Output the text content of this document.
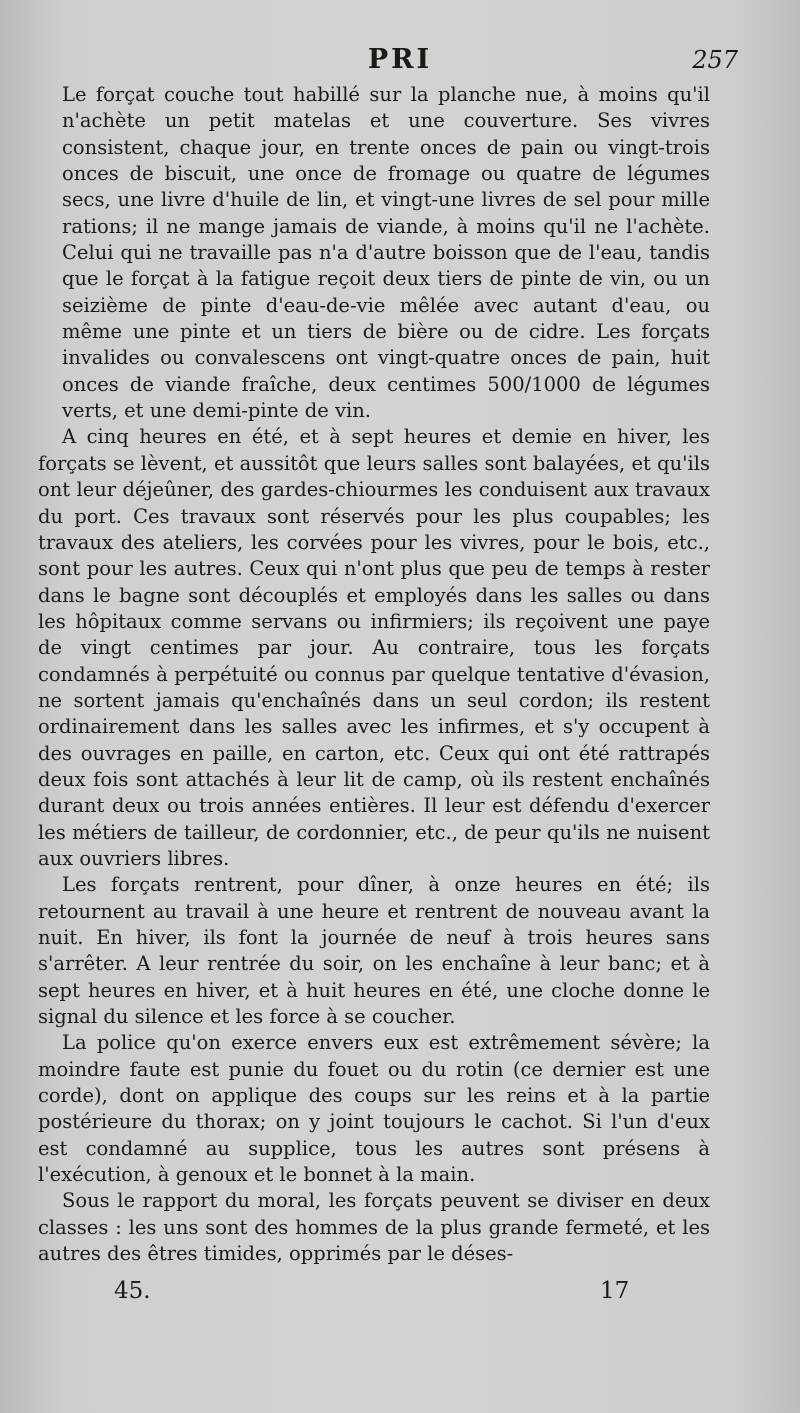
PRI	257

Le forçat couche tout habillé sur la planche nue, à moins qu'il n'achète un petit matelas et une couverture. Ses vivres consistent, chaque jour, en trente onces de pain ou vingt-trois onces de biscuit, une once de fromage ou quatre de légumes secs, une livre d'huile de lin, et vingt-une livres de sel pour mille rations; il ne mange jamais de viande, à moins qu'il ne l'achète. Celui qui ne travaille pas n'a d'autre boisson que de l'eau, tandis que le forçat à la fatigue reçoit deux tiers de pinte de vin, ou un seizième de pinte d'eau-de-vie mêlée avec autant d'eau, ou même une pinte et un tiers de bière ou de cidre. Les forçats invalides ou convalescens ont vingt-quatre onces de pain, huit onces de viande fraîche, deux centimes 500/1000 de légumes verts, et une demi-pinte de vin.

A cinq heures en été, et à sept heures et demie en hiver, les forçats se lèvent, et aussitôt que leurs salles sont balayées, et qu'ils ont leur déjeûner, des gardes-chiourmes les conduisent aux travaux du port. Ces travaux sont réservés pour les plus coupables; les travaux des ateliers, les corvées pour les vivres, pour le bois, etc., sont pour les autres. Ceux qui n'ont plus que peu de temps à rester dans le bagne sont découplés et employés dans les salles ou dans les hôpitaux comme servans ou infirmiers; ils reçoivent une paye de vingt centimes par jour. Au contraire, tous les forçats condamnés à perpétuité ou connus par quelque tentative d'évasion, ne sortent jamais qu'enchaînés dans un seul cordon; ils restent ordinairement dans les salles avec les infirmes, et s'y occupent à des ouvrages en paille, en carton, etc. Ceux qui ont été rattrapés deux fois sont attachés à leur lit de camp, où ils restent enchaînés durant deux ou trois années entières. Il leur est défendu d'exercer les métiers de tailleur, de cordonnier, etc., de peur qu'ils ne nuisent aux ouvriers libres.

Les forçats rentrent, pour dîner, à onze heures en été; ils retournent au travail à une heure et rentrent de nouveau avant la nuit. En hiver, ils font la journée de neuf à trois heures sans s'arrêter. A leur rentrée du soir, on les enchaîne à leur banc; et à sept heures en hiver, et à huit heures en été, une cloche donne le signal du silence et les force à se coucher.

La police qu'on exerce envers eux est extrêmement sévère; la moindre faute est punie du fouet ou du rotin (ce dernier est une corde), dont on applique des coups sur les reins et à la partie postérieure du thorax; on y joint toujours le cachot. Si l'un d'eux est condamné au supplice, tous les autres sont présens à l'exécution, à genoux et le bonnet à la main.

Sous le rapport du moral, les forçats peuvent se diviser en deux classes : les uns sont des hommes de la plus grande fermeté, et les autres des êtres timides, opprimés par le déses-

45.	17
